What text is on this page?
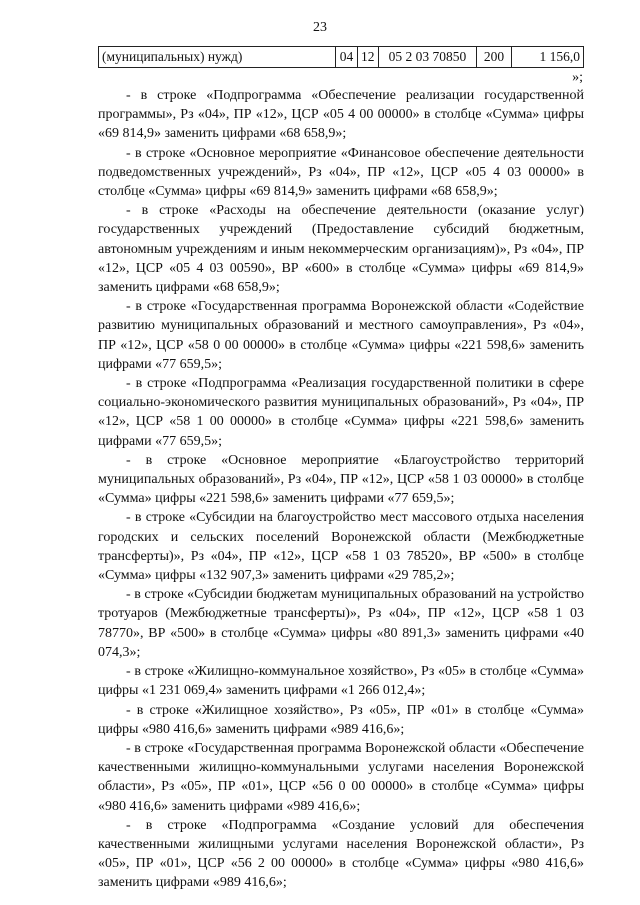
23
(муниципальных) нужд)	04	12	05 2 03 70850	200	1 156,0
»;

- в строке «Подпрограмма «Обеспечение реализации государственной программы», Рз «04», ПР «12», ЦСР «05 4 00 00000» в столбце «Сумма» цифры «69 814,9» заменить цифрами «68 658,9»;

- в строке «Основное мероприятие «Финансовое обеспечение деятельности подведомственных учреждений», Рз «04», ПР «12», ЦСР «05 4 03 00000» в столбце «Сумма» цифры «69 814,9» заменить цифрами «68 658,9»;

- в строке «Расходы на обеспечение деятельности (оказание услуг) государственных учреждений (Предоставление субсидий бюджетным, автономным учреждениям и иным некоммерческим организациям)», Рз «04», ПР «12», ЦСР «05 4 03 00590», ВР «600» в столбце «Сумма» цифры «69 814,9» заменить цифрами «68 658,9»;

- в строке «Государственная программа Воронежской области «Содействие развитию муниципальных образований и местного самоуправления», Рз «04», ПР «12», ЦСР «58 0 00 00000» в столбце «Сумма» цифры «221 598,6» заменить цифрами «77 659,5»;

- в строке «Подпрограмма «Реализация государственной политики в сфере социально-экономического развития муниципальных образований», Рз «04», ПР «12», ЦСР «58 1 00 00000» в столбце «Сумма» цифры «221 598,6» заменить цифрами «77 659,5»;

- в строке «Основное мероприятие «Благоустройство территорий муниципальных образований», Рз «04», ПР «12», ЦСР «58 1 03 00000» в столбце «Сумма» цифры «221 598,6» заменить цифрами «77 659,5»;

- в строке «Субсидии на благоустройство мест массового отдыха населения городских и сельских поселений Воронежской области (Межбюджетные трансферты)», Рз «04», ПР «12», ЦСР «58 1 03 78520», ВР «500» в столбце «Сумма» цифры «132 907,3» заменить цифрами «29 785,2»;

- в строке «Субсидии бюджетам муниципальных образований на устройство тротуаров (Межбюджетные трансферты)», Рз «04», ПР «12», ЦСР «58 1 03 78770», ВР «500» в столбце «Сумма» цифры «80 891,3» заменить цифрами «40 074,3»;

- в строке «Жилищно-коммунальное хозяйство», Рз «05» в столбце «Сумма» цифры «1 231 069,4» заменить цифрами «1 266 012,4»;

- в строке «Жилищное хозяйство», Рз «05», ПР «01» в столбце «Сумма» цифры «980 416,6» заменить цифрами «989 416,6»;

- в строке «Государственная программа Воронежской области «Обеспечение качественными жилищно-коммунальными услугами населения Воронежской области», Рз «05», ПР «01», ЦСР «56 0 00 00000» в столбце «Сумма» цифры «980 416,6» заменить цифрами «989 416,6»;

- в строке «Подпрограмма «Создание условий для обеспечения качественными жилищными услугами населения Воронежской области», Рз «05», ПР «01», ЦСР «56 2 00 00000» в столбце «Сумма» цифры «980 416,6» заменить цифрами «989 416,6»;
